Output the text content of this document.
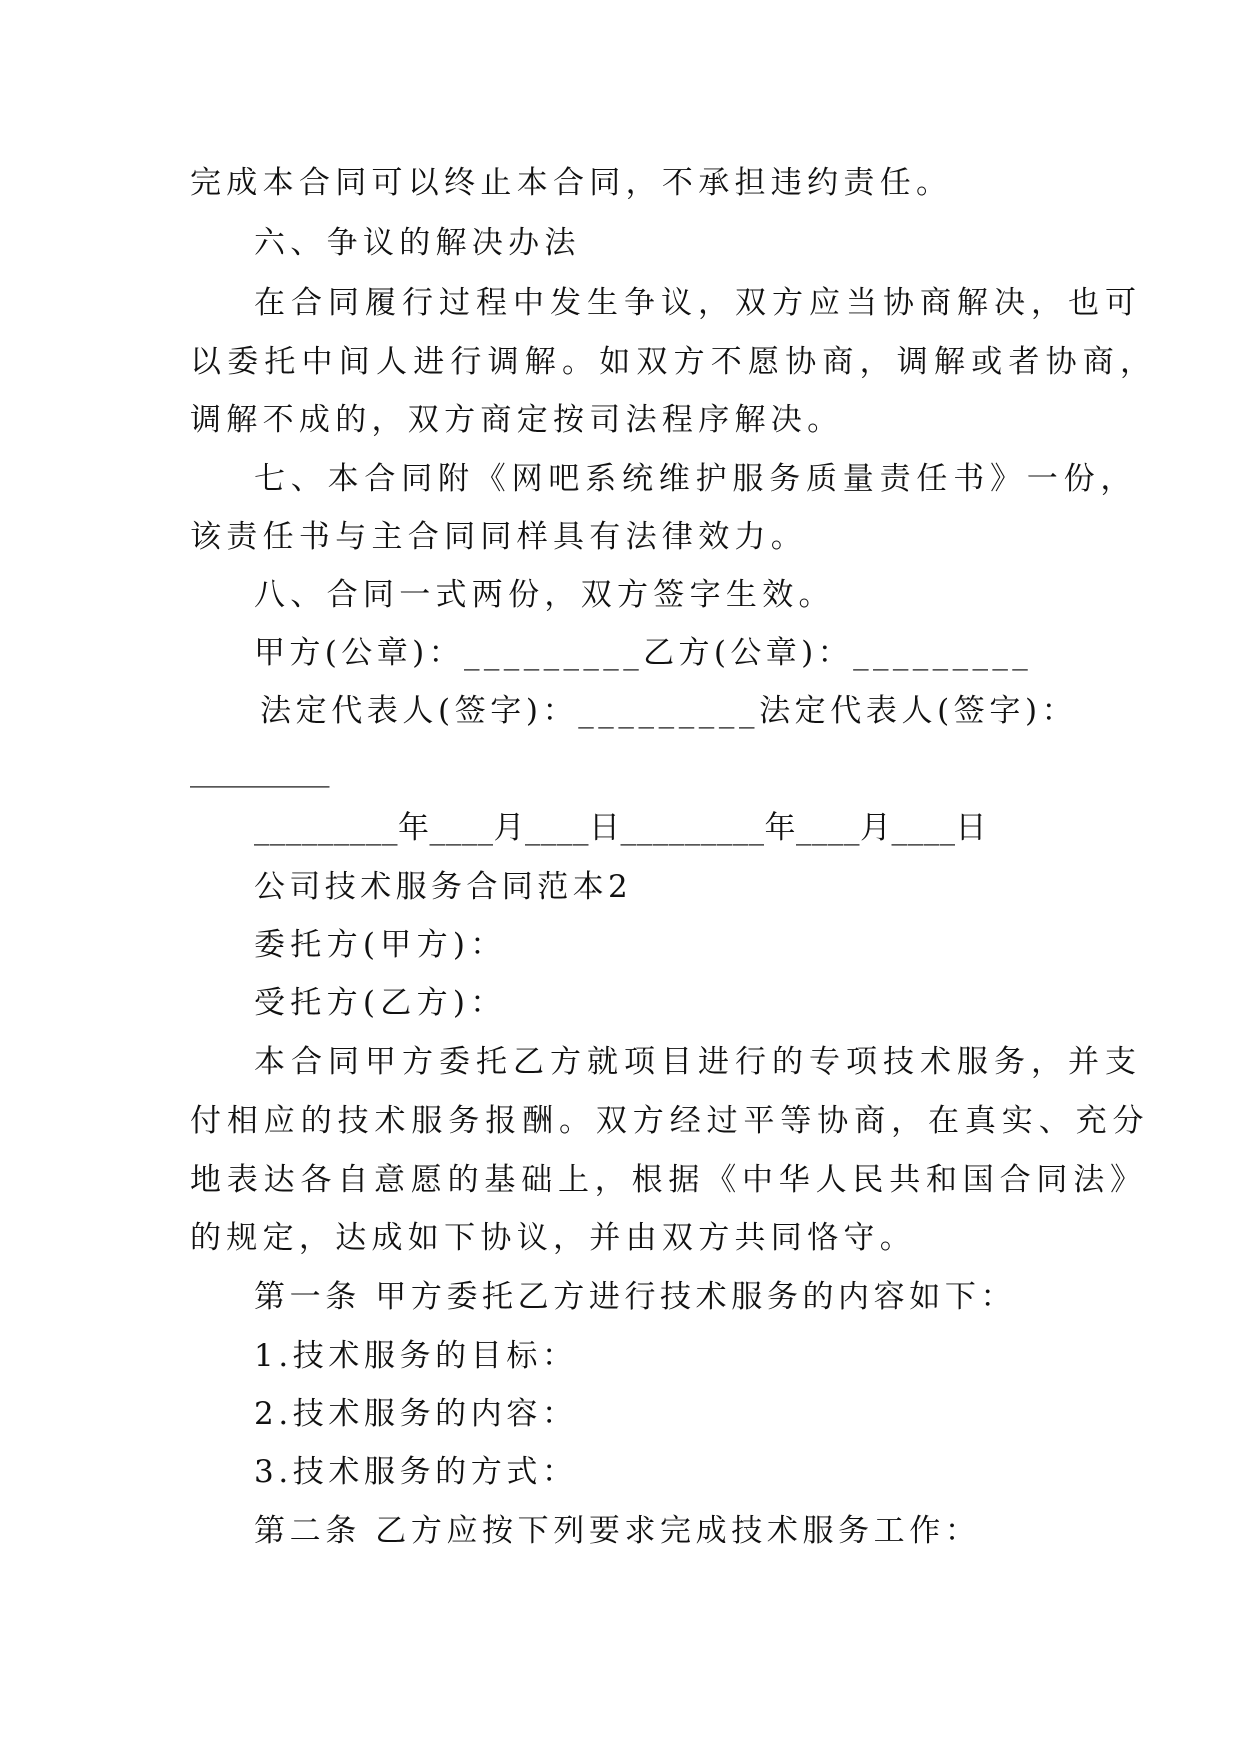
完成本合同可以终止本合同，不承担违约责任。
六、争议的解决办法
在合同履行过程中发生争议，双方应当协商解决，也可
以委托中间人进行调解。如双方不愿协商，调解或者协商，
调解不成的，双方商定按司法程序解决。
七、本合同附《网吧系统维护服务质量责任书》一份，
该责任书与主合同同样具有法律效力。
八、合同一式两份，双方签字生效。
甲方(公章)：_________乙方(公章)：_________
法定代表人(签字)：_________法定代表人(签字)：
_________
_________年____月____日_________年____月____日
公司技术服务合同范本2
委托方(甲方)：
受托方(乙方)：
本合同甲方委托乙方就项目进行的专项技术服务，并支
付相应的技术服务报酬。双方经过平等协商，在真实、充分
地表达各自意愿的基础上，根据《中华人民共和国合同法》
的规定，达成如下协议，并由双方共同恪守。
第一条 甲方委托乙方进行技术服务的内容如下：
1.技术服务的目标：
2.技术服务的内容：
3.技术服务的方式：
第二条 乙方应按下列要求完成技术服务工作：
